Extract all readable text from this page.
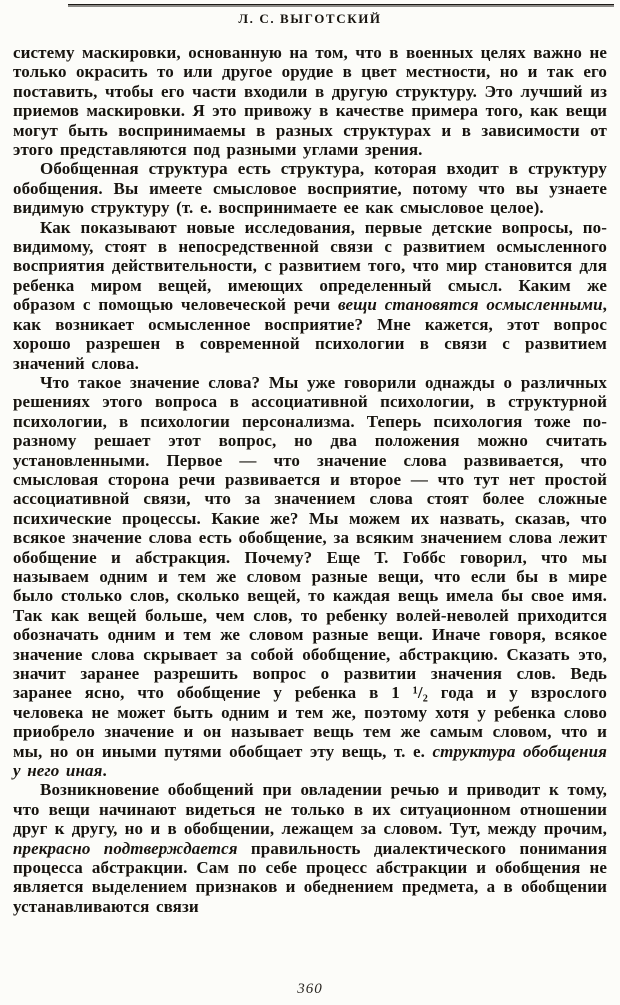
Л. С. ВЫГОТСКИЙ

систему маскировки, основанную на том, что в военных целях важно не только окрасить то или другое орудие в цвет местности, но и так его поставить, чтобы его части входили в другую структуру. Это лучший из приемов маскировки. Я это привожу в качестве примера того, как вещи могут быть воспринимаемы в разных структурах и в зависимости от этого представляются под разными углами зрения.

Обобщенная структура есть структура, которая входит в структуру обобщения. Вы имеете смысловое восприятие, потому что вы узнаете видимую структуру (т. е. воспринимаете ее как смысловое целое).

Как показывают новые исследования, первые детские вопросы, по-видимому, стоят в непосредственной связи с развитием осмысленного восприятия действительности, с развитием того, что мир становится для ребенка миром вещей, имеющих определенный смысл. Каким же образом с помощью человеческой речи вещи становятся осмысленными, как возникает осмысленное восприятие? Мне кажется, этот вопрос хорошо разрешен в современной психологии в связи с развитием значений слова.

Что такое значение слова? Мы уже говорили однажды о различных решениях этого вопроса в ассоциативной психологии, в структурной психологии, в психологии персонализма. Теперь психология тоже по-разному решает этот вопрос, но два положения можно считать установленными. Первое — что значение слова развивается, что смысловая сторона речи развивается и второе — что тут нет простой ассоциативной связи, что за значением слова стоят более сложные психические процессы. Какие же? Мы можем их назвать, сказав, что всякое значение слова есть обобщение, за всяким значением слова лежит обобщение и абстракция. Почему? Еще Т. Гоббс говорил, что мы называем одним и тем же словом разные вещи, что если бы в мире было столько слов, сколько вещей, то каждая вещь имела бы свое имя. Так как вещей больше, чем слов, то ребенку волей-неволей приходится обозначать одним и тем же словом разные вещи. Иначе говоря, всякое значение слова скрывает за собой обобщение, абстракцию. Сказать это, значит заранее разрешить вопрос о развитии значения слов. Ведь заранее ясно, что обобщение у ребенка в 1 ¹/₂ года и у взрослого человека не может быть одним и тем же, поэтому хотя у ребенка слово приобрело значение и он называет вещь тем же самым словом, что и мы, но он иными путями обобщает эту вещь, т. е. структура обобщения у него иная.

Возникновение обобщений при овладении речью и приводит к тому, что вещи начинают видеться не только в их ситуационном отношении друг к другу, но и в обобщении, лежащем за словом. Тут, между прочим, прекрасно подтверждается правильность диалектического понимания процесса абстракции. Сам по себе процесс абстракции и обобщения не является выделением признаков и обеднением предмета, а в обобщении устанавливаются связи

360
